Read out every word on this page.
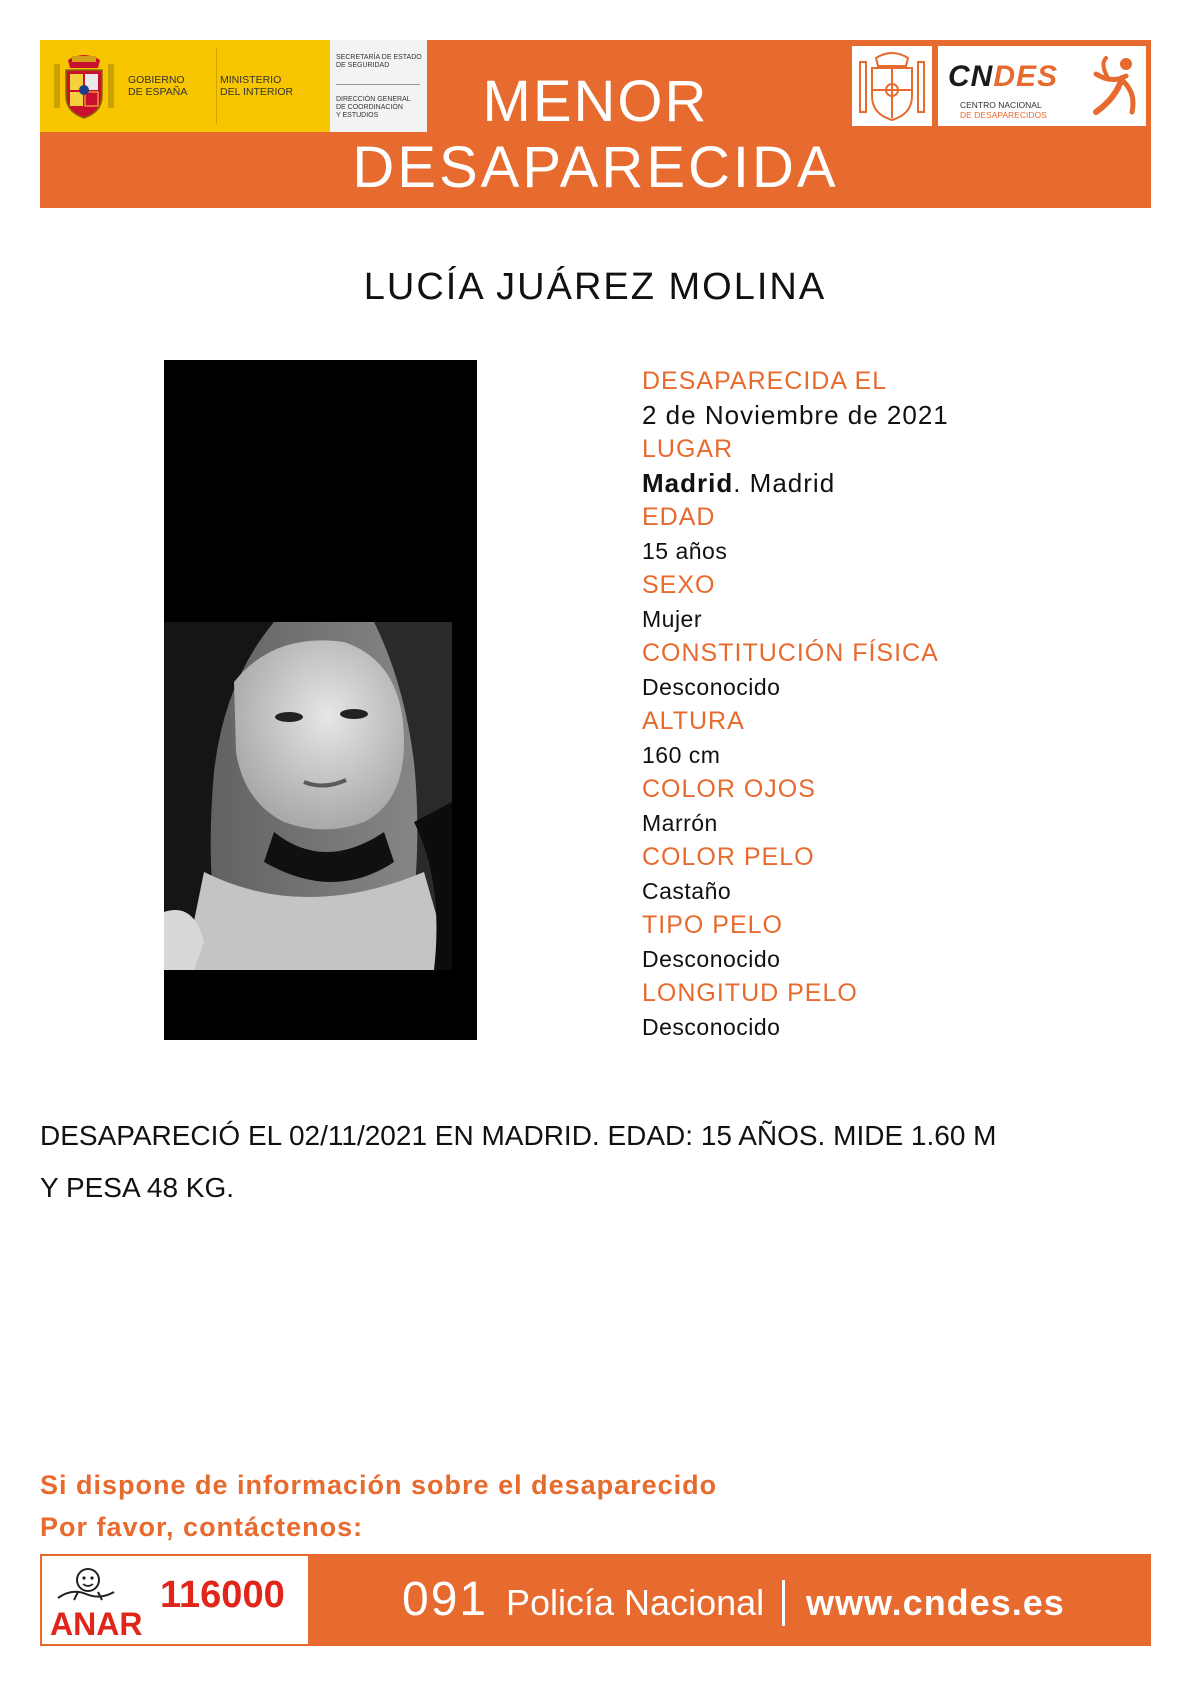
GOBIERNO
DE ESPAÑA
MINISTERIO
DEL INTERIOR
SECRETARÍA DE ESTADO
DE SEGURIDAD
DIRECCIÓN GENERAL
DE COORDINACIÓN
Y ESTUDIOS	MENOR
DESAPARECIDA
CNDES
CENTRO NACIONAL
DE DESAPARECIDOS
LUCÍA JUÁREZ MOLINA
DESAPARECIDA EL
2 de Noviembre de 2021
LUGAR
Madrid. Madrid
EDAD
15 años
SEXO
Mujer
CONSTITUCIÓN FÍSICA
Desconocido
ALTURA
160 cm
COLOR OJOS
Marrón
COLOR PELO
Castaño
TIPO PELO
Desconocido
LONGITUD PELO
Desconocido
DESAPARECIÓ EL 02/11/2021 EN MADRID. EDAD: 15 AÑOS. MIDE 1.60 M
Y PESA 48 KG.
Si dispone de información sobre el desaparecido
Por favor, contáctenos:
ANAR
116000 091 Policía Nacional www.cndes.es
